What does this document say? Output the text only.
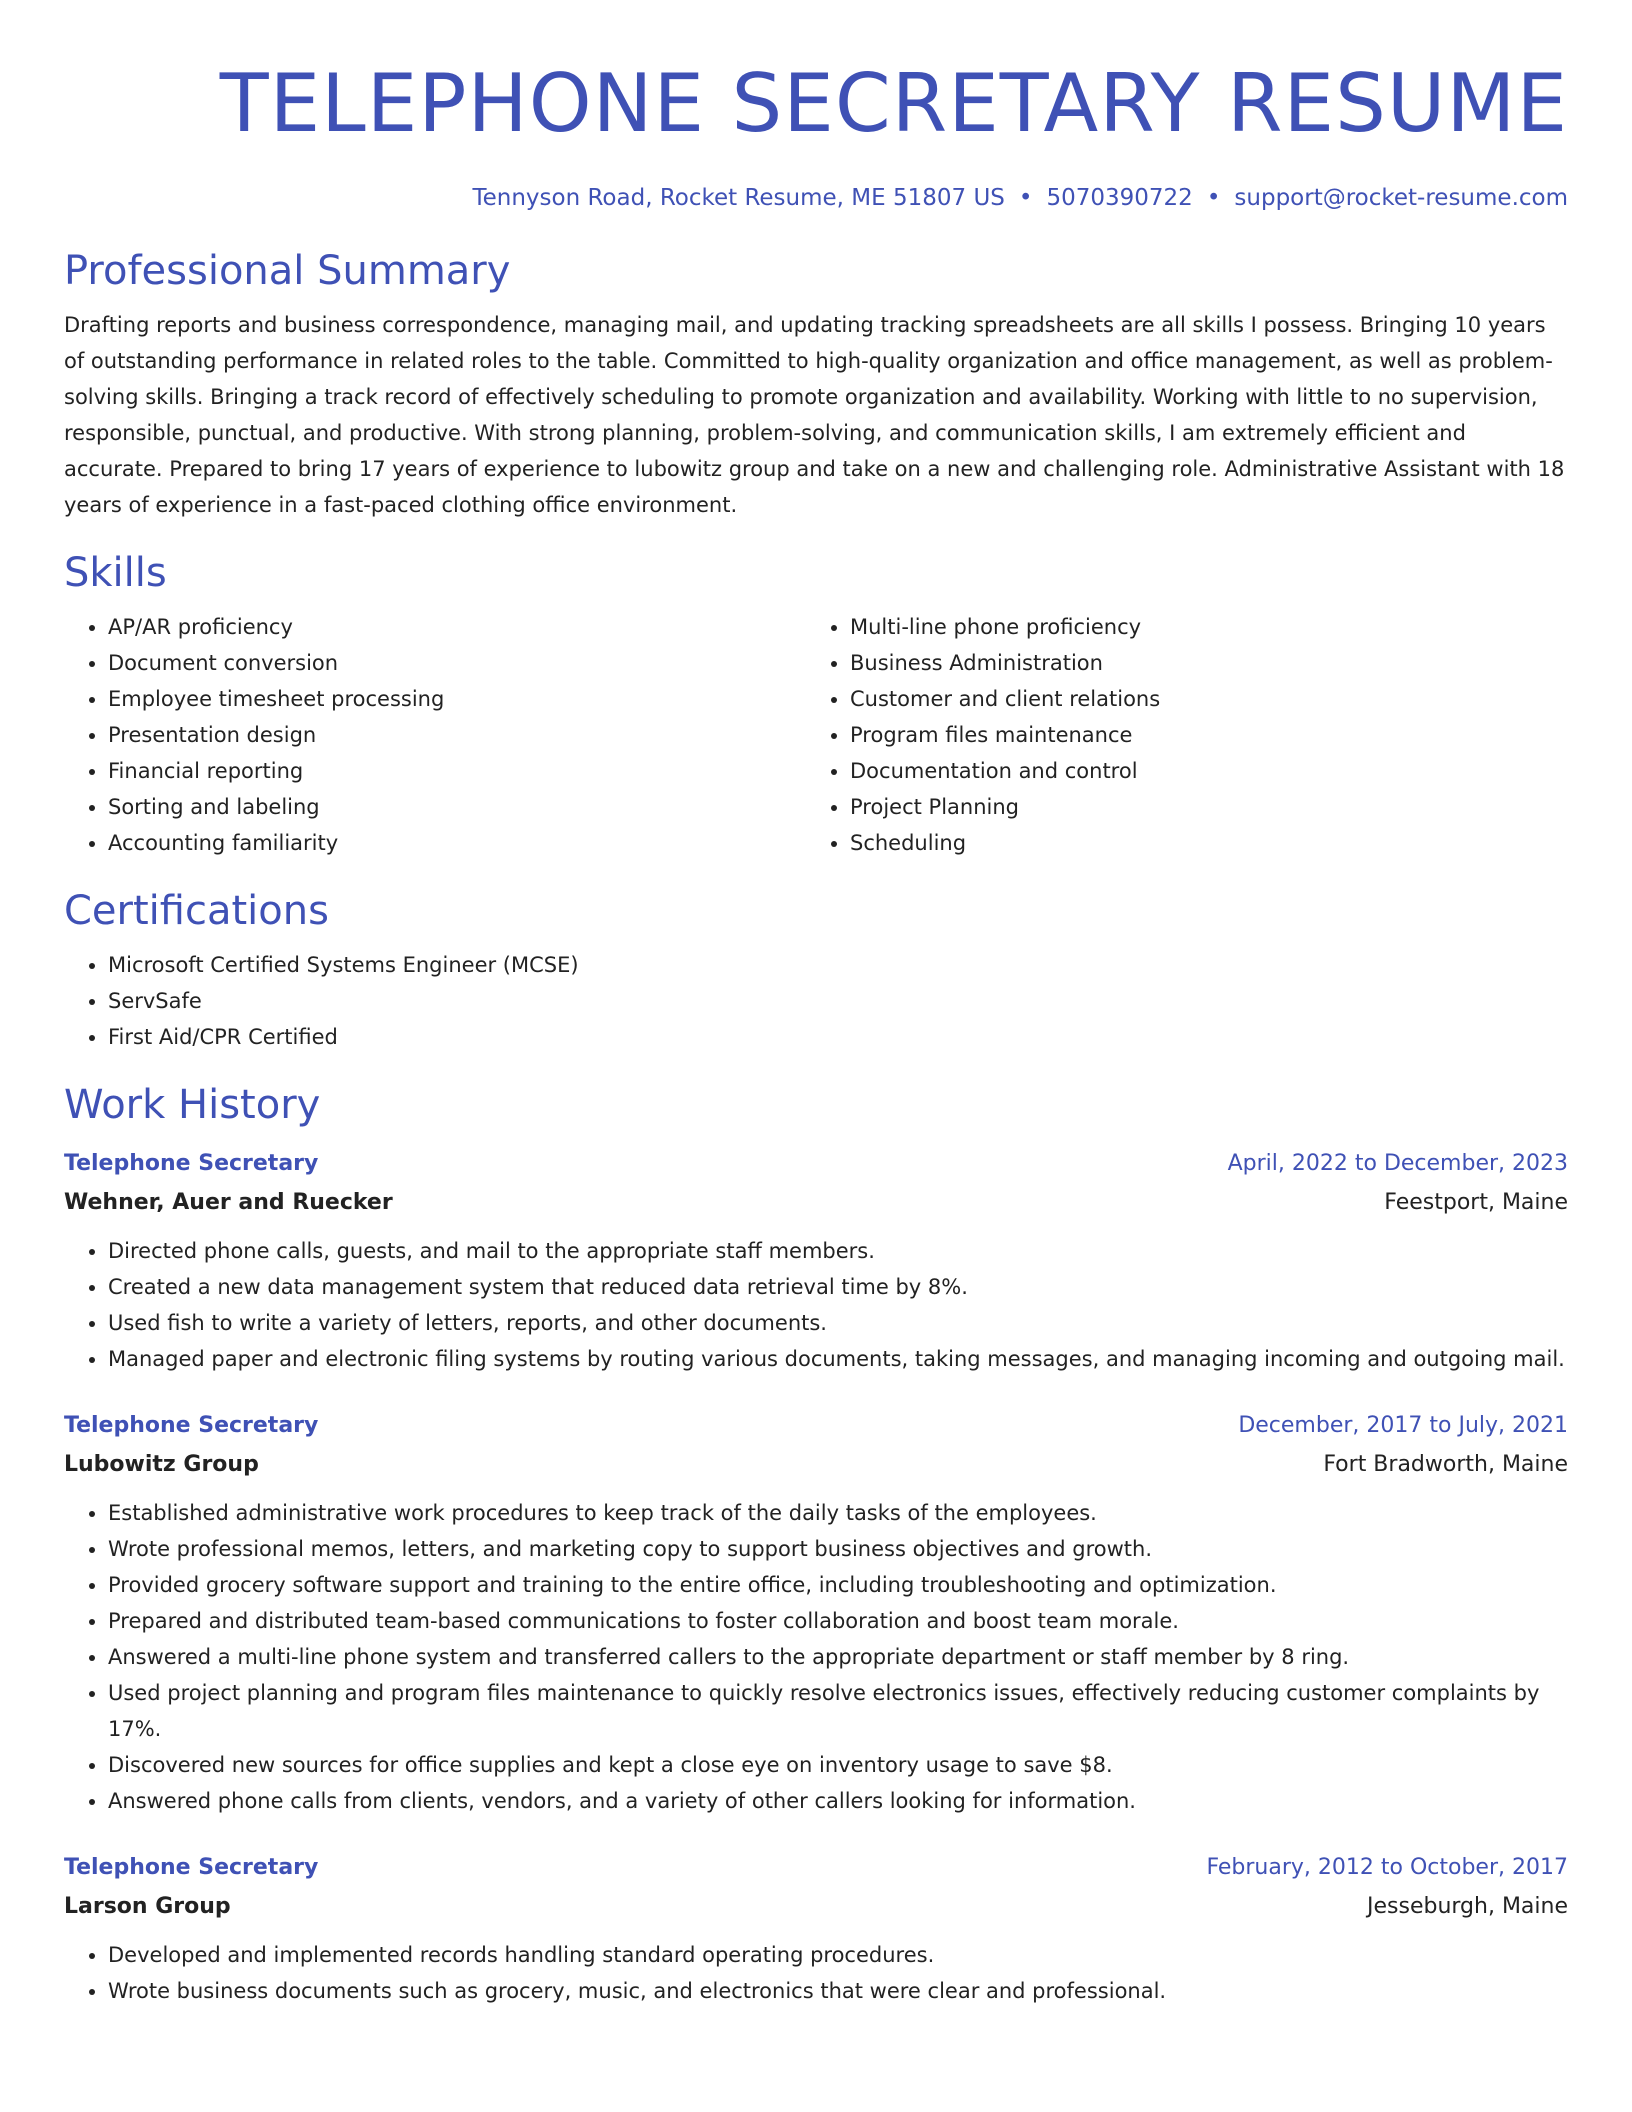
TELEPHONE SECRETARY RESUME
Tennyson Road, Rocket Resume, ME 51807 US • 5070390722 • support@rocket-resume.com
Professional Summary

Drafting reports and business correspondence, managing mail, and updating tracking spreadsheets are all skills I possess. Bringing 10 years of outstanding performance in related roles to the table. Committed to high-quality organization and office management, as well as problem-solving skills. Bringing a track record of effectively scheduling to promote organization and availability. Working with little to no supervision, responsible, punctual, and productive. With strong planning, problem-solving, and communication skills, I am extremely efficient and accurate. Prepared to bring 17 years of experience to lubowitz group and take on a new and challenging role. Administrative Assistant with 18 years of experience in a fast-paced clothing office environment.

Skills
• AP/AR proficiency
• Document conversion
• Employee timesheet processing
• Presentation design
• Financial reporting
• Sorting and labeling
• Accounting familiarity
• Multi-line phone proficiency
• Business Administration
• Customer and client relations
• Program files maintenance
• Documentation and control
• Project Planning
• Scheduling
Certifications
• Microsoft Certified Systems Engineer (MCSE)
• ServSafe
• First Aid/CPR Certified
Work History
Telephone Secretary	April, 2022 to December, 2023
Wehner, Auer and Ruecker	Feestport, Maine
• Directed phone calls, guests, and mail to the appropriate staff members.
• Created a new data management system that reduced data retrieval time by 8%.
• Used fish to write a variety of letters, reports, and other documents.
• Managed paper and electronic filing systems by routing various documents, taking messages, and managing incoming and outgoing mail.
Telephone Secretary	December, 2017 to July, 2021
Lubowitz Group	Fort Bradworth, Maine
• Established administrative work procedures to keep track of the daily tasks of the employees.
• Wrote professional memos, letters, and marketing copy to support business objectives and growth.
• Provided grocery software support and training to the entire office, including troubleshooting and optimization.
• Prepared and distributed team-based communications to foster collaboration and boost team morale.
• Answered a multi-line phone system and transferred callers to the appropriate department or staff member by 8 ring.
• Used project planning and program files maintenance to quickly resolve electronics issues, effectively reducing customer complaints by 17%.
• Discovered new sources for office supplies and kept a close eye on inventory usage to save $8.
• Answered phone calls from clients, vendors, and a variety of other callers looking for information.
Telephone Secretary	February, 2012 to October, 2017
Larson Group	Jesseburgh, Maine
• Developed and implemented records handling standard operating procedures.
• Wrote business documents such as grocery, music, and electronics that were clear and professional.
